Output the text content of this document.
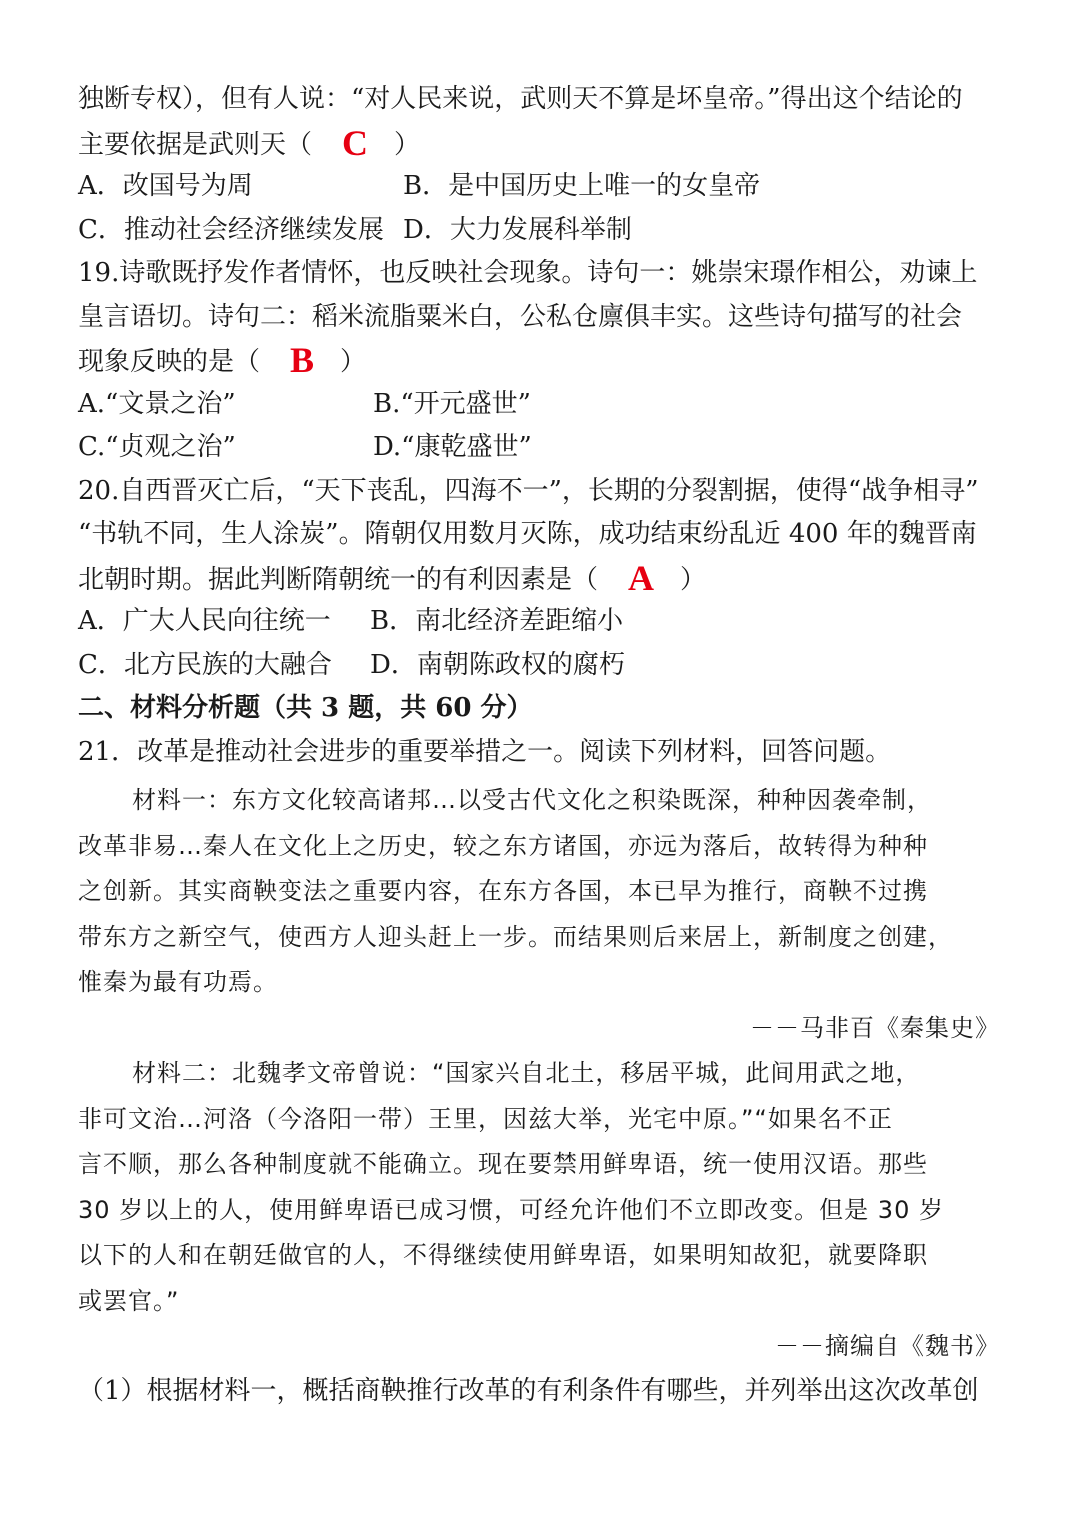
独断专权），但有人说：“对人民来说，武则天不算是坏皇帝。”得出这个结论的
主要依据是武则天（ C ）
A．改国号为周	B．是中国历史上唯一的女皇帝
C．推动社会经济继续发展 D．大力发展科举制
19.诗歌既抒发作者情怀，也反映社会现象。诗句一：姚崇宋璟作相公，劝谏上
皇言语切。诗句二：稻米流脂粟米白，公私仓廪俱丰实。这些诗句描写的社会
现象反映的是（ B ）
A.“文景之治”	B.“开元盛世”
C.“贞观之治”	D.“康乾盛世”
20.自西晋灭亡后，“天下丧乱，四海不一”，长期的分裂割据，使得“战争相寻”
“书轨不同，生人涂炭”。隋朝仅用数月灭陈，成功结束纷乱近 400 年的魏晋南
北朝时期。据此判断隋朝统一的有利因素是（ A ）
A．广大人民向往统一	B．南北经济差距缩小
C．北方民族的大融合	D．南朝陈政权的腐朽
二、材料分析题（共 3 题，共 60 分）
21．改革是推动社会进步的重要举措之一。阅读下列材料，回答问题。
材料一：东方文化较高诸邦…以受古代文化之积染既深，种种因袭牵制，
改革非易…秦人在文化上之历史，较之东方诸国，亦远为落后，故转得为种种
之创新。其实商鞅变法之重要内容，在东方各国，本已早为推行，商鞅不过携
带东方之新空气，使西方人迎头赶上一步。而结果则后来居上，新制度之创建，
惟秦为最有功焉。
－－马非百《秦集史》
材料二：北魏孝文帝曾说：“国家兴自北土，移居平城，此间用武之地，
非可文治…河洛（今洛阳一带）王里，因兹大举，光宅中原。”“如果名不正
言不顺，那么各种制度就不能确立。现在要禁用鲜卑语，统一使用汉语。那些
30 岁以上的人，使用鲜卑语已成习惯，可经允许他们不立即改变。但是 30 岁
以下的人和在朝廷做官的人，不得继续使用鲜卑语，如果明知故犯，就要降职
或罢官。”
－－摘编自《魏书》
（1）根据材料一，概括商鞅推行改革的有利条件有哪些，并列举出这次改革创
